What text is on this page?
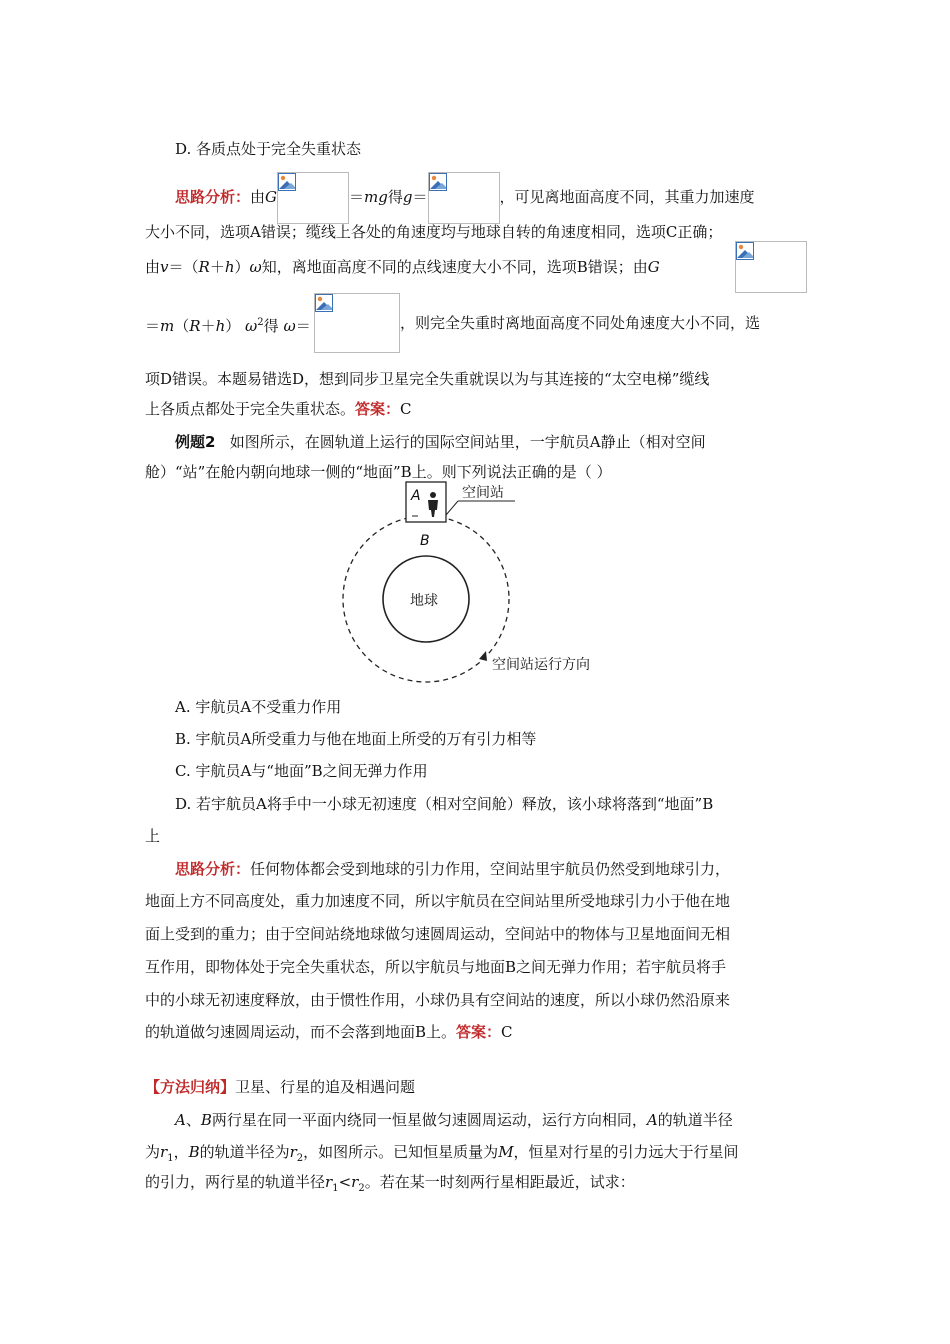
D. 各质点处于完全失重状态
思路分析：由G	＝mg得g＝	，可见离地面高度不同，其重力加速度
大小不同，选项A错误；缆线上各处的角速度均与地球自转的角速度相同，选项C正确；
由v＝（R＋h）ω知，离地面高度不同的点线速度大小不同，选项B错误；由G
＝m（R＋h） $\omega^2$得 ω＝	，则完全失重时离地面高度不同处角速度大小不同，选
项D错误。本题易错选D，想到同步卫星完全失重就误以为与其连接的“太空电梯”缆线
上各质点都处于完全失重状态。答案：C
例题2 如图所示，在圆轨道上运行的国际空间站里，一宇航员A静止（相对空间
舱）“站”在舱内朝向地球一侧的“地面”B上。则下列说法正确的是（ ）
地球
A
B
空间站
空间站运行方向
A. 宇航员A不受重力作用
B. 宇航员A所受重力与他在地面上所受的万有引力相等
C. 宇航员A与“地面”B之间无弹力作用
D. 若宇航员A将手中一小球无初速度（相对空间舱）释放，该小球将落到“地面”B
上
思路分析：任何物体都会受到地球的引力作用，空间站里宇航员仍然受到地球引力，
地面上方不同高度处，重力加速度不同，所以宇航员在空间站里所受地球引力小于他在地
面上受到的重力；由于空间站绕地球做匀速圆周运动，空间站中的物体与卫星地面间无相
互作用，即物体处于完全失重状态，所以宇航员与地面B之间无弹力作用；若宇航员将手
中的小球无初速度释放，由于惯性作用，小球仍具有空间站的速度，所以小球仍然沿原来
的轨道做匀速圆周运动，而不会落到地面B上。答案：C
【方法归纳】卫星、行星的追及相遇问题
A、B两行星在同一平面内绕同一恒星做匀速圆周运动，运行方向相同，A的轨道半径
为$r_1$，B的轨道半径为$r_2$，如图所示。已知恒星质量为M，恒星对行星的引力远大于行星间
的引力，两行星的轨道半径$r_1<r_2$。若在某一时刻两行星相距最近，试求：
